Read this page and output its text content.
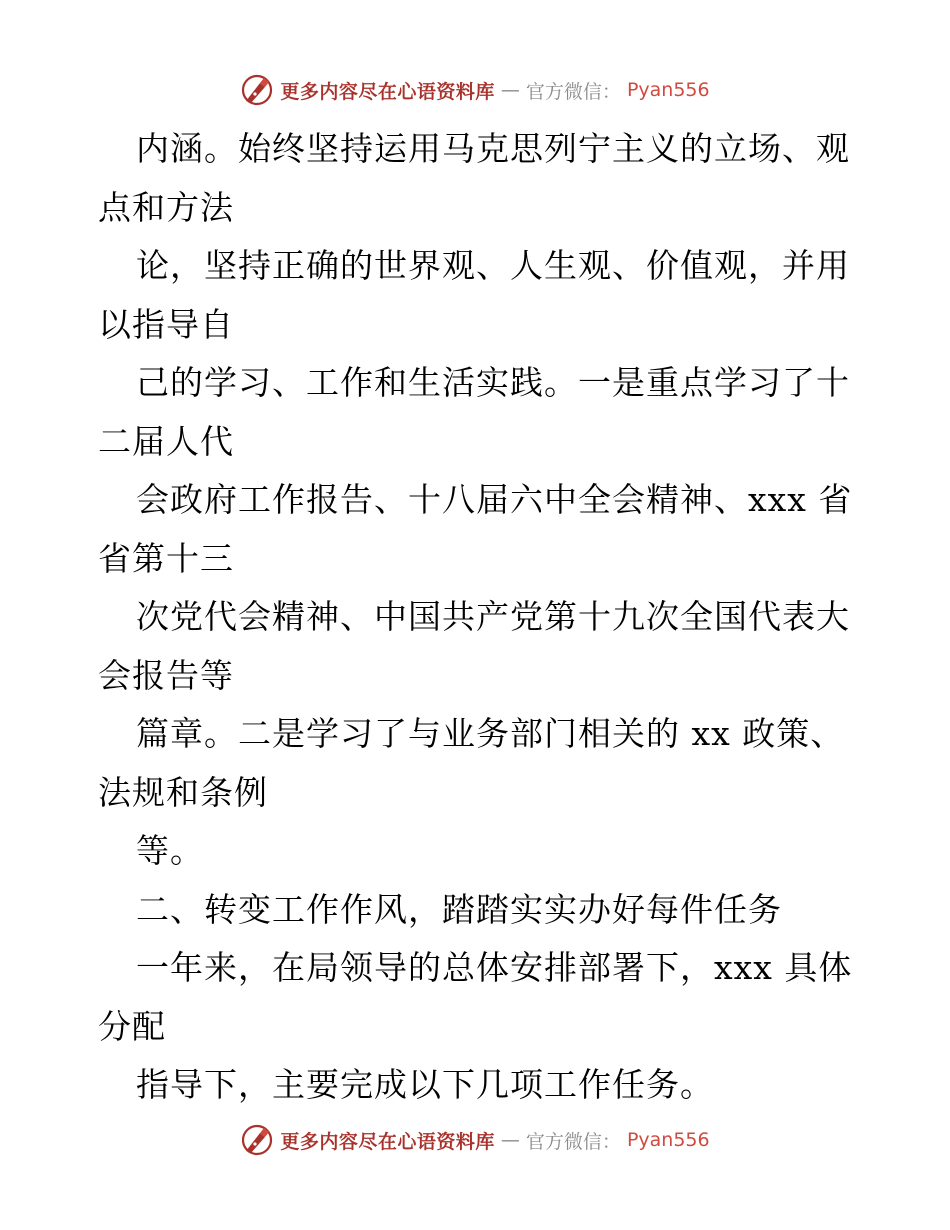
更多内容尽在心语资料库 — 官方微信： Pyan556
内涵。始终坚持运用马克思列宁主义的立场、观
点和方法
论，坚持正确的世界观、人生观、价值观，并用
以指导自
己的学习、工作和生活实践。一是重点学习了十
二届人代
会政府工作报告、十八届六中全会精神、xxx 省
省第十三
次党代会精神、中国共产党第十九次全国代表大
会报告等
篇章。二是学习了与业务部门相关的 xx 政策、
法规和条例
等。
二、转变工作作风，踏踏实实办好每件任务
一年来，在局领导的总体安排部署下，xxx 具体
分配
指导下，主要完成以下几项工作任务。
更多内容尽在心语资料库 — 官方微信： Pyan556
